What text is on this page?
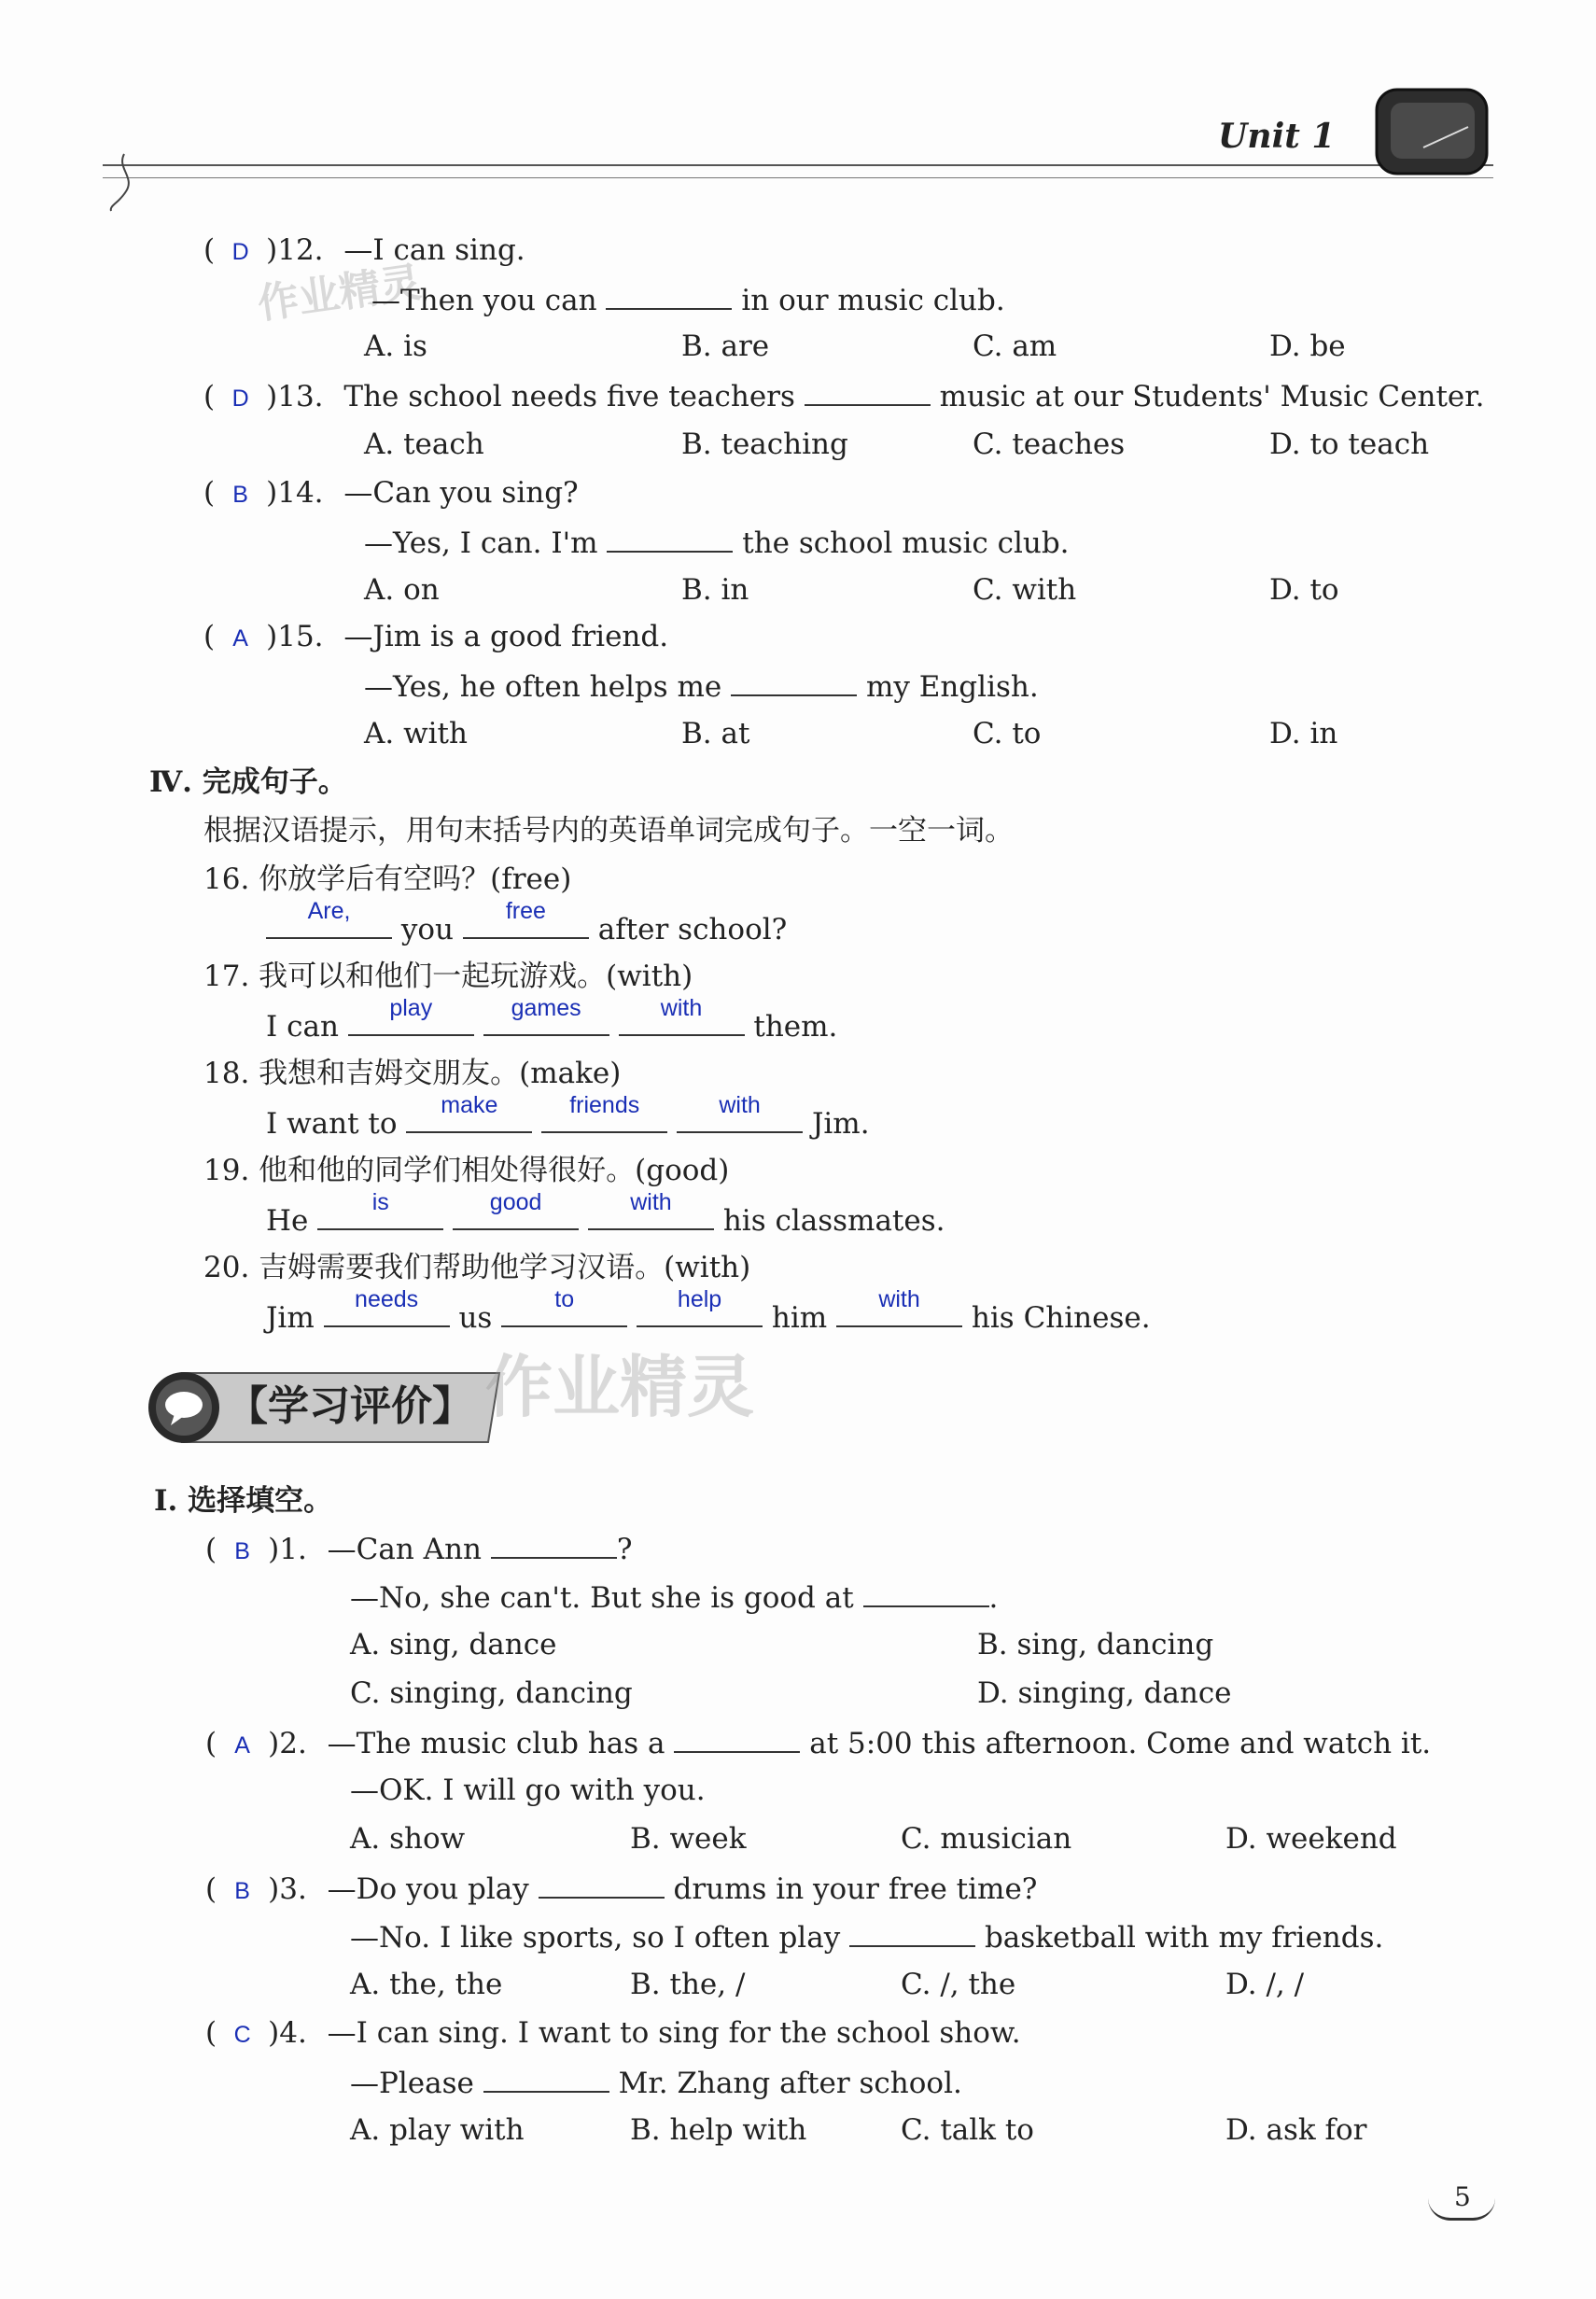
Unit 1
作业精灵
( D )12. —I can sing.
—Then you can	in our music club.
A. is	B. are	C. am	D. be
( D )13. The school needs five teachers	music at our Students' Music Center.
A. teach	B. teaching	C. teaches	D. to teach
( B )14. —Can you sing?
—Yes, I can. I'm	the school music club.
A. on	B. in	C. with	D. to
( A )15. —Jim is a good friend.
—Yes, he often helps me	my English.
A. with	B. at	C. to	D. in
Ⅳ. 完成句子。
根据汉语提示，用句末括号内的英语单词完成句子。一空一词。
16. 你放学后有空吗？(free)
Are,
you
free
after school?
17. 我可以和他们一起玩游戏。(with)
I can
play
	games
	with
them.
18. 我想和吉姆交朋友。(make)
I want to
make
	friends
	with
Jim.
19. 他和他的同学们相处得很好。(good)
He
is
	good
	with
his classmates.
20. 吉姆需要我们帮助他学习汉语。(with)
Jim
needs
us
to
	help
him
with
his Chinese.
【学习评价】 作业精灵
Ⅰ. 选择填空。
( B )1. —Can Ann	?
—No, she can't. But she is good at	.
A. sing, dance	B. sing, dancing
C. singing, dancing	D. singing, dance
( A )2. —The music club has a	at 5:00 this afternoon. Come and watch it.
—OK. I will go with you.
A. show	B. week	C. musician	D. weekend
( B )3. —Do you play	drums in your free time?
—No. I like sports, so I often play	basketball with my friends.
A. the, the	B. the, /	C. /, the	D. /, /
( C )4. —I can sing. I want to sing for the school show.
—Please	Mr. Zhang after school.
A. play with	B. help with	C. talk to	D. ask for
5
